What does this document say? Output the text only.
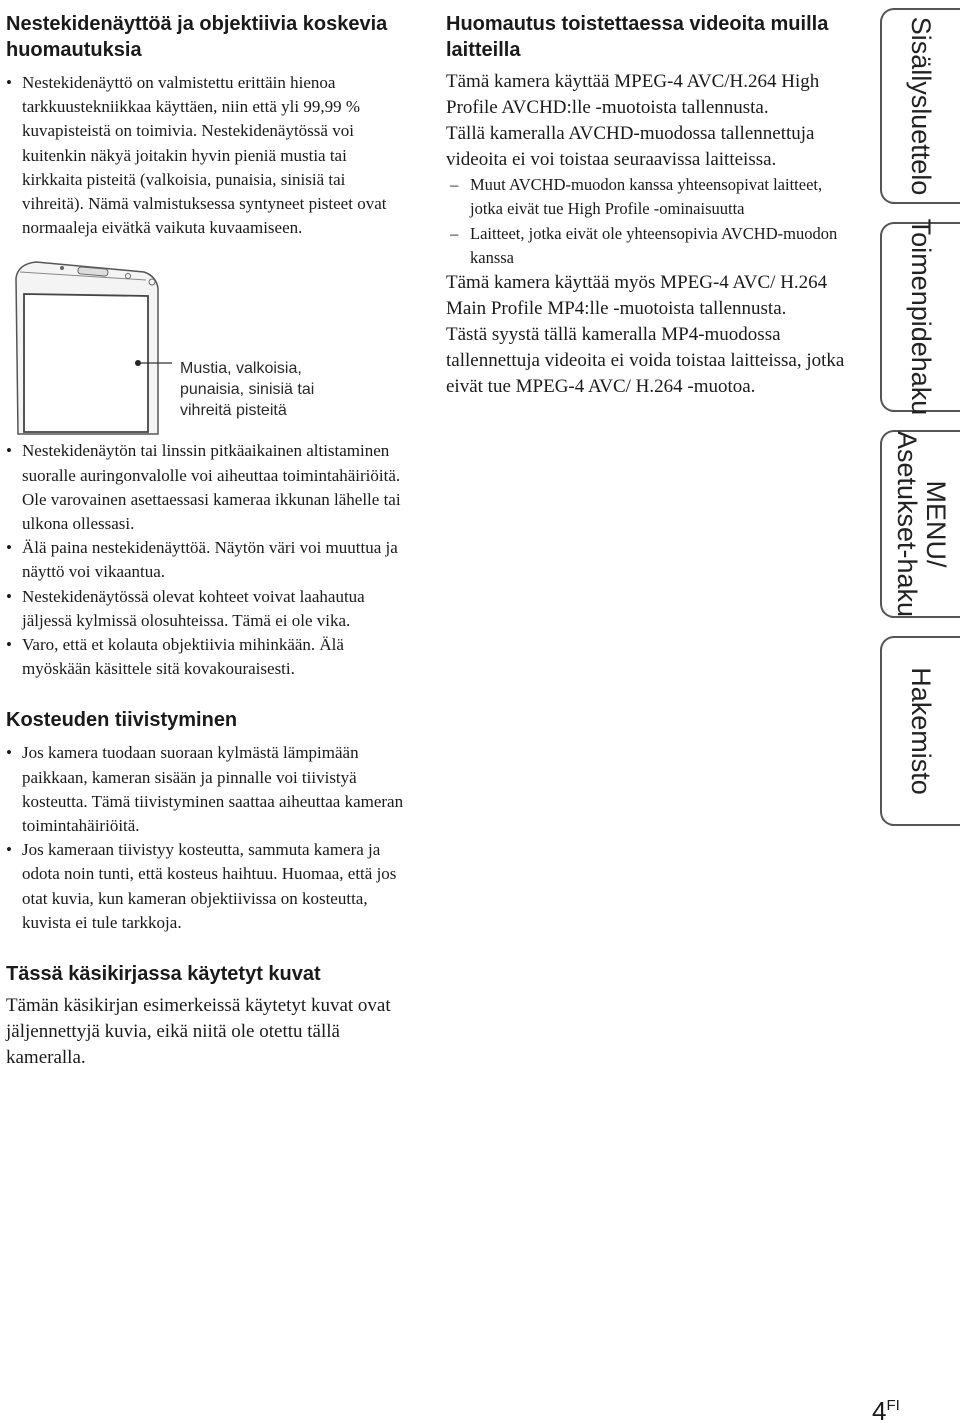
Nestekidenäyttöä ja objektiivia koskevia huomautuksia
• Nestekidenäyttö on valmistettu erittäin hienoa tarkkuustekniikkaa käyttäen, niin että yli 99,99 % kuvapisteistä on toimivia. Nestekidenäytössä voi kuitenkin näkyä joitakin hyvin pieniä mustia tai kirkkaita pisteitä (valkoisia, punaisia, sinisiä tai vihreitä). Nämä valmistuksessa syntyneet pisteet ovat normaaleja eivätkä vaikuta kuvaamiseen.
Mustia, valkoisia, punaisia, sinisiä tai vihreitä pisteitä
• Nestekidenäytön tai linssin pitkäaikainen altistaminen suoralle auringonvalolle voi aiheuttaa toimintahäiriöitä. Ole varovainen asettaessasi kameraa ikkunan lähelle tai ulkona ollessasi.
• Älä paina nestekidenäyttöä. Näytön väri voi muuttua ja näyttö voi vikaantua.
• Nestekidenäytössä olevat kohteet voivat laahautua jäljessä kylmissä olosuhteissa. Tämä ei ole vika.
• Varo, että et kolauta objektiivia mihinkään. Älä myöskään käsittele sitä kovakouraisesti.
Kosteuden tiivistyminen
• Jos kamera tuodaan suoraan kylmästä lämpimään paikkaan, kameran sisään ja pinnalle voi tiivistyä kosteutta. Tämä tiivistyminen saattaa aiheuttaa kameran toimintahäiriöitä.
• Jos kameraan tiivistyy kosteutta, sammuta kamera ja odota noin tunti, että kosteus haihtuu. Huomaa, että jos otat kuvia, kun kameran objektiivissa on kosteutta, kuvista ei tule tarkkoja.
Tässä käsikirjassa käytetyt kuvat

Tämän käsikirjan esimerkeissä käytetyt kuvat ovat jäljennettyjä kuvia, eikä niitä ole otettu tällä kameralla.

Huomautus toistettaessa videoita muilla laitteilla

Tämä kamera käyttää MPEG-4 AVC/H.264 High Profile AVCHD:lle -muotoista tallennusta.

Tällä kameralla AVCHD-muodossa tallennettuja videoita ei voi toistaa seuraavissa laitteissa.

– Muut AVCHD-muodon kanssa yhteensopivat laitteet, jotka eivät tue High Profile -ominaisuutta
– Laitteet, jotka eivät ole yhteensopivia AVCHD-muodon kanssa

Tämä kamera käyttää myös MPEG-4 AVC/ H.264 Main Profile MP4:lle -muotoista tallennusta.

Tästä syystä tällä kameralla MP4-muodossa tallennettuja videoita ei voida toistaa laitteissa, jotka eivät tue MPEG-4 AVC/ H.264 -muotoa.

Sisällysluettelo
Toimenpidehaku
MENU/
Asetukset-haku
Hakemisto
$4^{FI}$
